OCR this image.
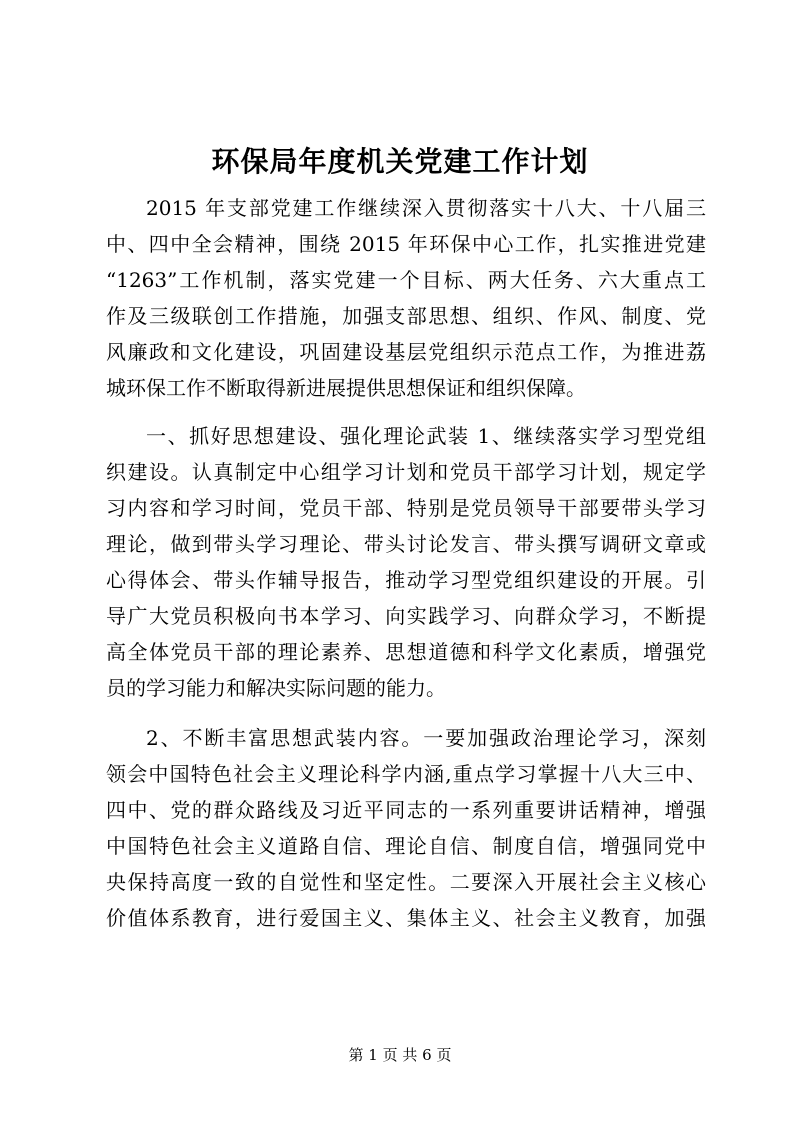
环保局年度机关党建工作计划
2015 年支部党建工作继续深入贯彻落实十八大、十八届三
中、四中全会精神，围绕 2015 年环保中心工作，扎实推进党建
“1263”工作机制，落实党建一个目标、两大任务、六大重点工
作及三级联创工作措施，加强支部思想、组织、作风、制度、党
风廉政和文化建设，巩固建设基层党组织示范点工作，为推进荔
城环保工作不断取得新进展提供思想保证和组织保障。
一、抓好思想建设、强化理论武装 1、继续落实学习型党组
织建设。认真制定中心组学习计划和党员干部学习计划，规定学
习内容和学习时间，党员干部、特别是党员领导干部要带头学习
理论，做到带头学习理论、带头讨论发言、带头撰写调研文章或
心得体会、带头作辅导报告，推动学习型党组织建设的开展。引
导广大党员积极向书本学习、向实践学习、向群众学习，不断提
高全体党员干部的理论素养、思想道德和科学文化素质，增强党
员的学习能力和解决实际问题的能力。
2、不断丰富思想武装内容。一要加强政治理论学习，深刻
领会中国特色社会主义理论科学内涵,重点学习掌握十八大三中、
四中、党的群众路线及习近平同志的一系列重要讲话精神，增强
中国特色社会主义道路自信、理论自信、制度自信，增强同党中
央保持高度一致的自觉性和坚定性。二要深入开展社会主义核心
价值体系教育，进行爱国主义、集体主义、社会主义教育，加强
第 1 页 共 6 页
